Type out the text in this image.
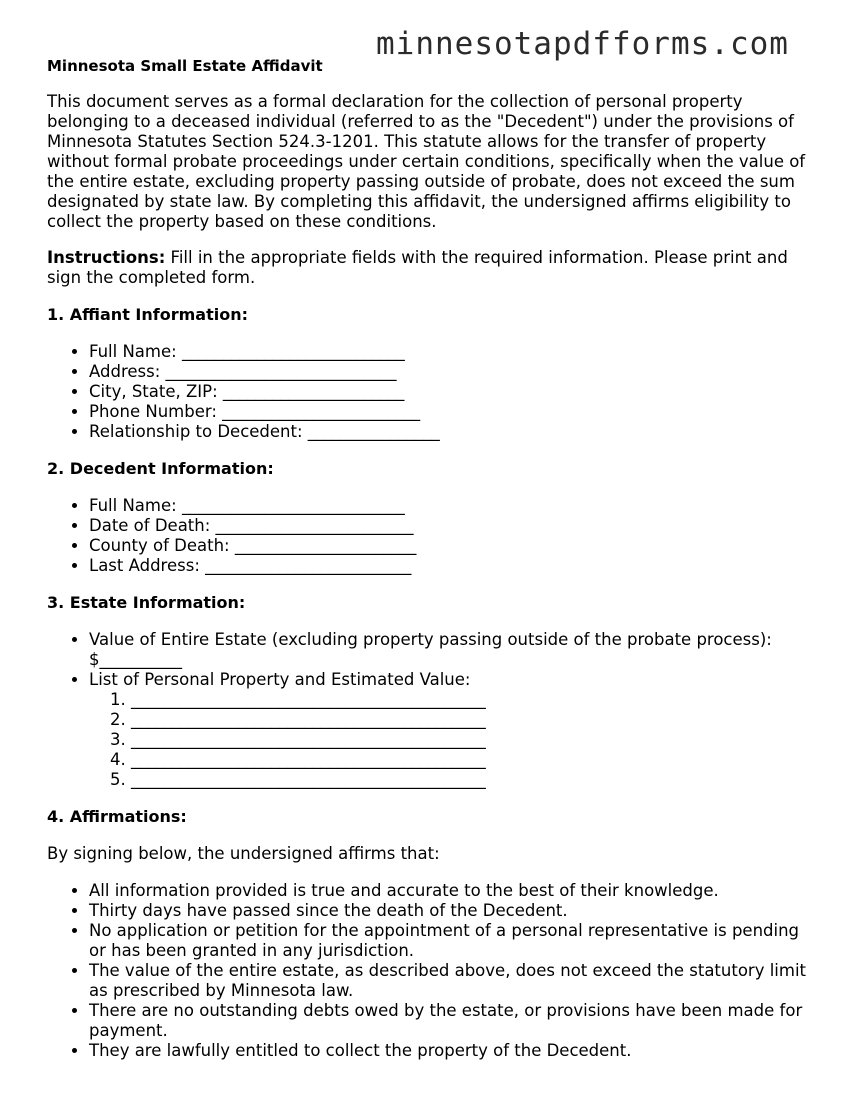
minnesotapdfforms.com
Minnesota Small Estate Affidavit

This document serves as a formal declaration for the collection of personal property belonging to a deceased individual (referred to as the "Decedent") under the provisions of Minnesota Statutes Section 524.3-1201. This statute allows for the transfer of property without formal probate proceedings under certain conditions, specifically when the value of the entire estate, excluding property passing outside of probate, does not exceed the sum designated by state law. By completing this affidavit, the undersigned affirms eligibility to collect the property based on these conditions.

Instructions: Fill in the appropriate fields with the required information. Please print and sign the completed form.

1. Affiant Information:
• Full Name: ___________________________
• Address: ____________________________
• City, State, ZIP: ______________________
• Phone Number: ________________________
• Relationship to Decedent: ________________
2. Decedent Information:
• Full Name: ___________________________
• Date of Death: ________________________
• County of Death: ______________________
• Last Address: _________________________
3. Estate Information:
• Value of Entire Estate (excluding property passing outside of the probate process): $__________
• List of Personal Property and Estimated Value:
1. ___________________________________________
2. ___________________________________________
3. ___________________________________________
4. ___________________________________________
5. ___________________________________________
4. Affirmations:

By signing below, the undersigned affirms that:

• All information provided is true and accurate to the best of their knowledge.
• Thirty days have passed since the death of the Decedent.
• No application or petition for the appointment of a personal representative is pending or has been granted in any jurisdiction.
• The value of the entire estate, as described above, does not exceed the statutory limit as prescribed by Minnesota law.
• There are no outstanding debts owed by the estate, or provisions have been made for payment.
• They are lawfully entitled to collect the property of the Decedent.
